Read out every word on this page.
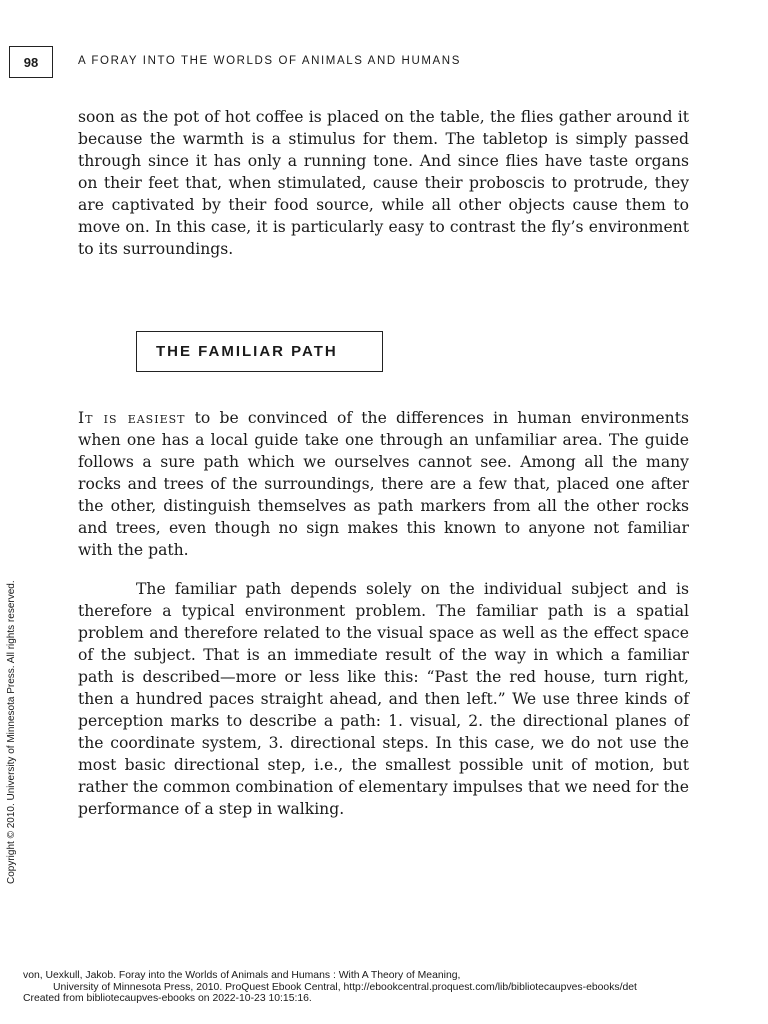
98	A FORAY INTO THE WORLDS OF ANIMALS AND HUMANS

soon as the pot of hot coffee is placed on the table, the flies gather around it because the warmth is a stimulus for them. The tabletop is simply passed through since it has only a running tone. And since flies have taste organs on their feet that, when stimulated, cause their proboscis to protrude, they are captivated by their food source, while all other objects cause them to move on. In this case, it is particularly easy to contrast the fly’s environment to its surroundings.

THE FAMILIAR PATH

It is easiest to be convinced of the differences in human environments when one has a local guide take one through an unfamiliar area. The guide follows a sure path which we ourselves cannot see. Among all the many rocks and trees of the surroundings, there are a few that, placed one after the other, distinguish themselves as path markers from all the other rocks and trees, even though no sign makes this known to anyone not familiar with the path.

The familiar path depends solely on the individual subject and is therefore a typical environment problem. The familiar path is a spatial problem and therefore related to the visual space as well as the effect space of the subject. That is an immediate result of the way in which a familiar path is described—more or less like this: “Past the red house, turn right, then a hundred paces straight ahead, and then left.” We use three kinds of perception marks to describe a path: 1. visual, 2. the directional planes of the coordinate system, 3. directional steps. In this case, we do not use the most basic directional step, i.e., the smallest possible unit of motion, but rather the common combination of elementary impulses that we need for the performance of a step in walking.

Copyright © 2010. University of Minnesota Press. All rights reserved.
von, Uexkull, Jakob. Foray into the Worlds of Animals and Humans : With A Theory of Meaning,
University of Minnesota Press, 2010. ProQuest Ebook Central, http://ebookcentral.proquest.com/lib/bibliotecaupves-ebooks/det
Created from bibliotecaupves-ebooks on 2022-10-23 10:15:16.
